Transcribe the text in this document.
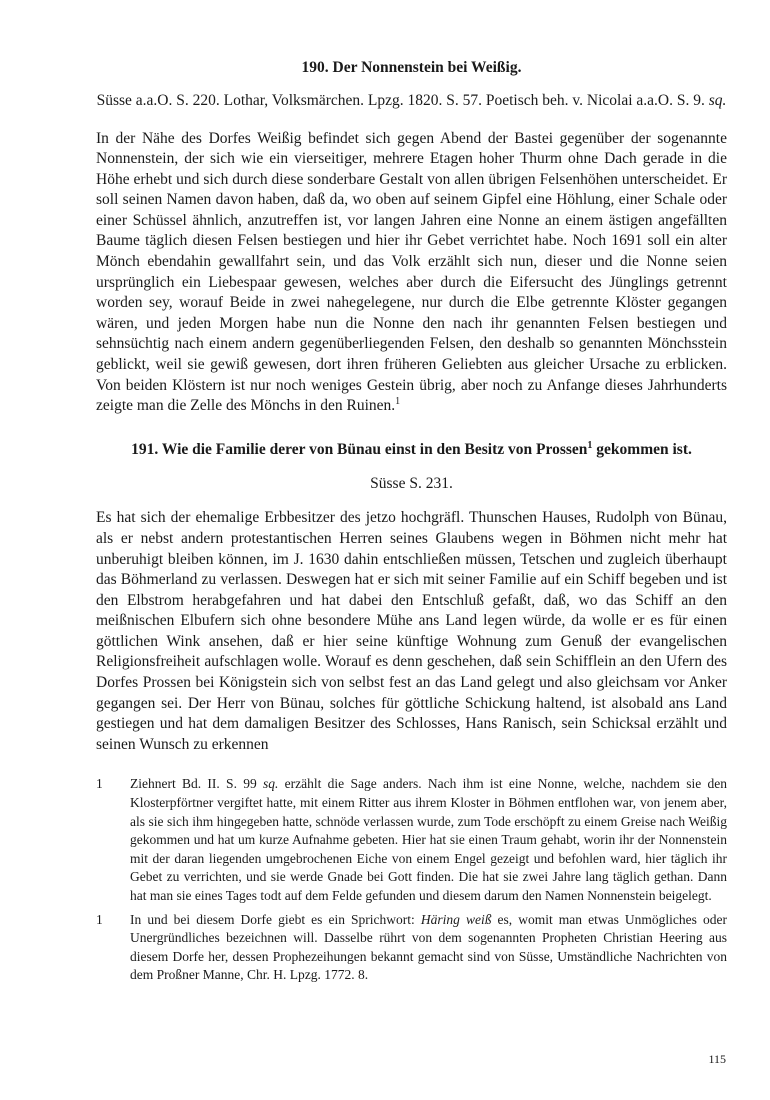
190. Der Nonnenstein bei Weißig.

Süsse a.a.O. S. 220. Lothar, Volksmärchen. Lpzg. 1820. S. 57. Poetisch beh. v. Nicolai a.a.O. S. 9. sq.

In der Nähe des Dorfes Weißig befindet sich gegen Abend der Bastei gegenüber der sogenannte Nonnenstein, der sich wie ein vierseitiger, mehrere Etagen hoher Thurm ohne Dach gerade in die Höhe erhebt und sich durch diese sonderbare Gestalt von allen übrigen Felsenhöhen unterscheidet. Er soll seinen Namen davon haben, daß da, wo oben auf seinem Gipfel eine Höhlung, einer Schale oder einer Schüssel ähnlich, anzutreffen ist, vor langen Jahren eine Nonne an einem ästigen angefällten Baume täglich diesen Felsen bestiegen und hier ihr Gebet verrichtet habe. Noch 1691 soll ein alter Mönch ebendahin gewallfahrt sein, und das Volk erzählt sich nun, dieser und die Nonne seien ursprünglich ein Liebespaar gewesen, welches aber durch die Eifersucht des Jünglings getrennt worden sey, worauf Beide in zwei nahegelegene, nur durch die Elbe getrennte Klöster gegangen wären, und jeden Morgen habe nun die Nonne den nach ihr genannten Felsen bestiegen und sehnsüchtig nach einem andern gegenüberliegenden Felsen, den deshalb so genannten Mönchsstein geblickt, weil sie gewiß gewesen, dort ihren früheren Geliebten aus gleicher Ursache zu erblicken. Von beiden Klöstern ist nur noch weniges Gestein übrig, aber noch zu Anfange dieses Jahrhunderts zeigte man die Zelle des Mönchs in den Ruinen.$^1$

191. Wie die Familie derer von Bünau einst in den Besitz von Prossen$^1$ gekommen ist.

Süsse S. 231.

Es hat sich der ehemalige Erbbesitzer des jetzo hochgräfl. Thunschen Hauses, Rudolph von Bünau, als er nebst andern protestantischen Herren seines Glaubens wegen in Böhmen nicht mehr hat unberuhigt bleiben können, im J. 1630 dahin entschließen müssen, Tetschen und zugleich überhaupt das Böhmerland zu verlassen. Deswegen hat er sich mit seiner Familie auf ein Schiff begeben und ist den Elbstrom herabgefahren und hat dabei den Entschluß gefaßt, daß, wo das Schiff an den meißnischen Elbufern sich ohne besondere Mühe ans Land legen würde, da wolle er es für einen göttlichen Wink ansehen, daß er hier seine künftige Wohnung zum Genuß der evangelischen Religionsfreiheit aufschlagen wolle. Worauf es denn geschehen, daß sein Schifflein an den Ufern des Dorfes Prossen bei Königstein sich von selbst fest an das Land gelegt und also gleichsam vor Anker gegangen sei. Der Herr von Bünau, solches für göttliche Schickung haltend, ist alsobald ans Land gestiegen und hat dem damaligen Besitzer des Schlosses, Hans Ranisch, sein Schicksal erzählt und seinen Wunsch zu erkennen

1	Ziehnert Bd. II. S. 99 sq. erzählt die Sage anders. Nach ihm ist eine Nonne, welche, nachdem sie den Klosterpförtner vergiftet hatte, mit einem Ritter aus ihrem Kloster in Böhmen entflohen war, von jenem aber, als sie sich ihm hingegeben hatte, schnöde verlassen wurde, zum Tode erschöpft zu einem Greise nach Weißig gekommen und hat um kurze Aufnahme gebeten. Hier hat sie einen Traum gehabt, worin ihr der Nonnenstein mit der daran liegenden umgebrochenen Eiche von einem Engel gezeigt und befohlen ward, hier täglich ihr Gebet zu verrichten, und sie werde Gnade bei Gott finden. Die hat sie zwei Jahre lang täglich gethan. Dann hat man sie eines Tages todt auf dem Felde gefunden und diesem darum den Namen Nonnenstein beigelegt.
1	In und bei diesem Dorfe giebt es ein Sprichwort: Häring weiß es, womit man etwas Unmögliches oder Unergründliches bezeichnen will. Dasselbe rührt von dem sogenannten Propheten Christian Heering aus diesem Dorfe her, dessen Prophezeihungen bekannt gemacht sind von Süsse, Umständliche Nachrichten von dem Proßner Manne, Chr. H. Lpzg. 1772. 8.
115
